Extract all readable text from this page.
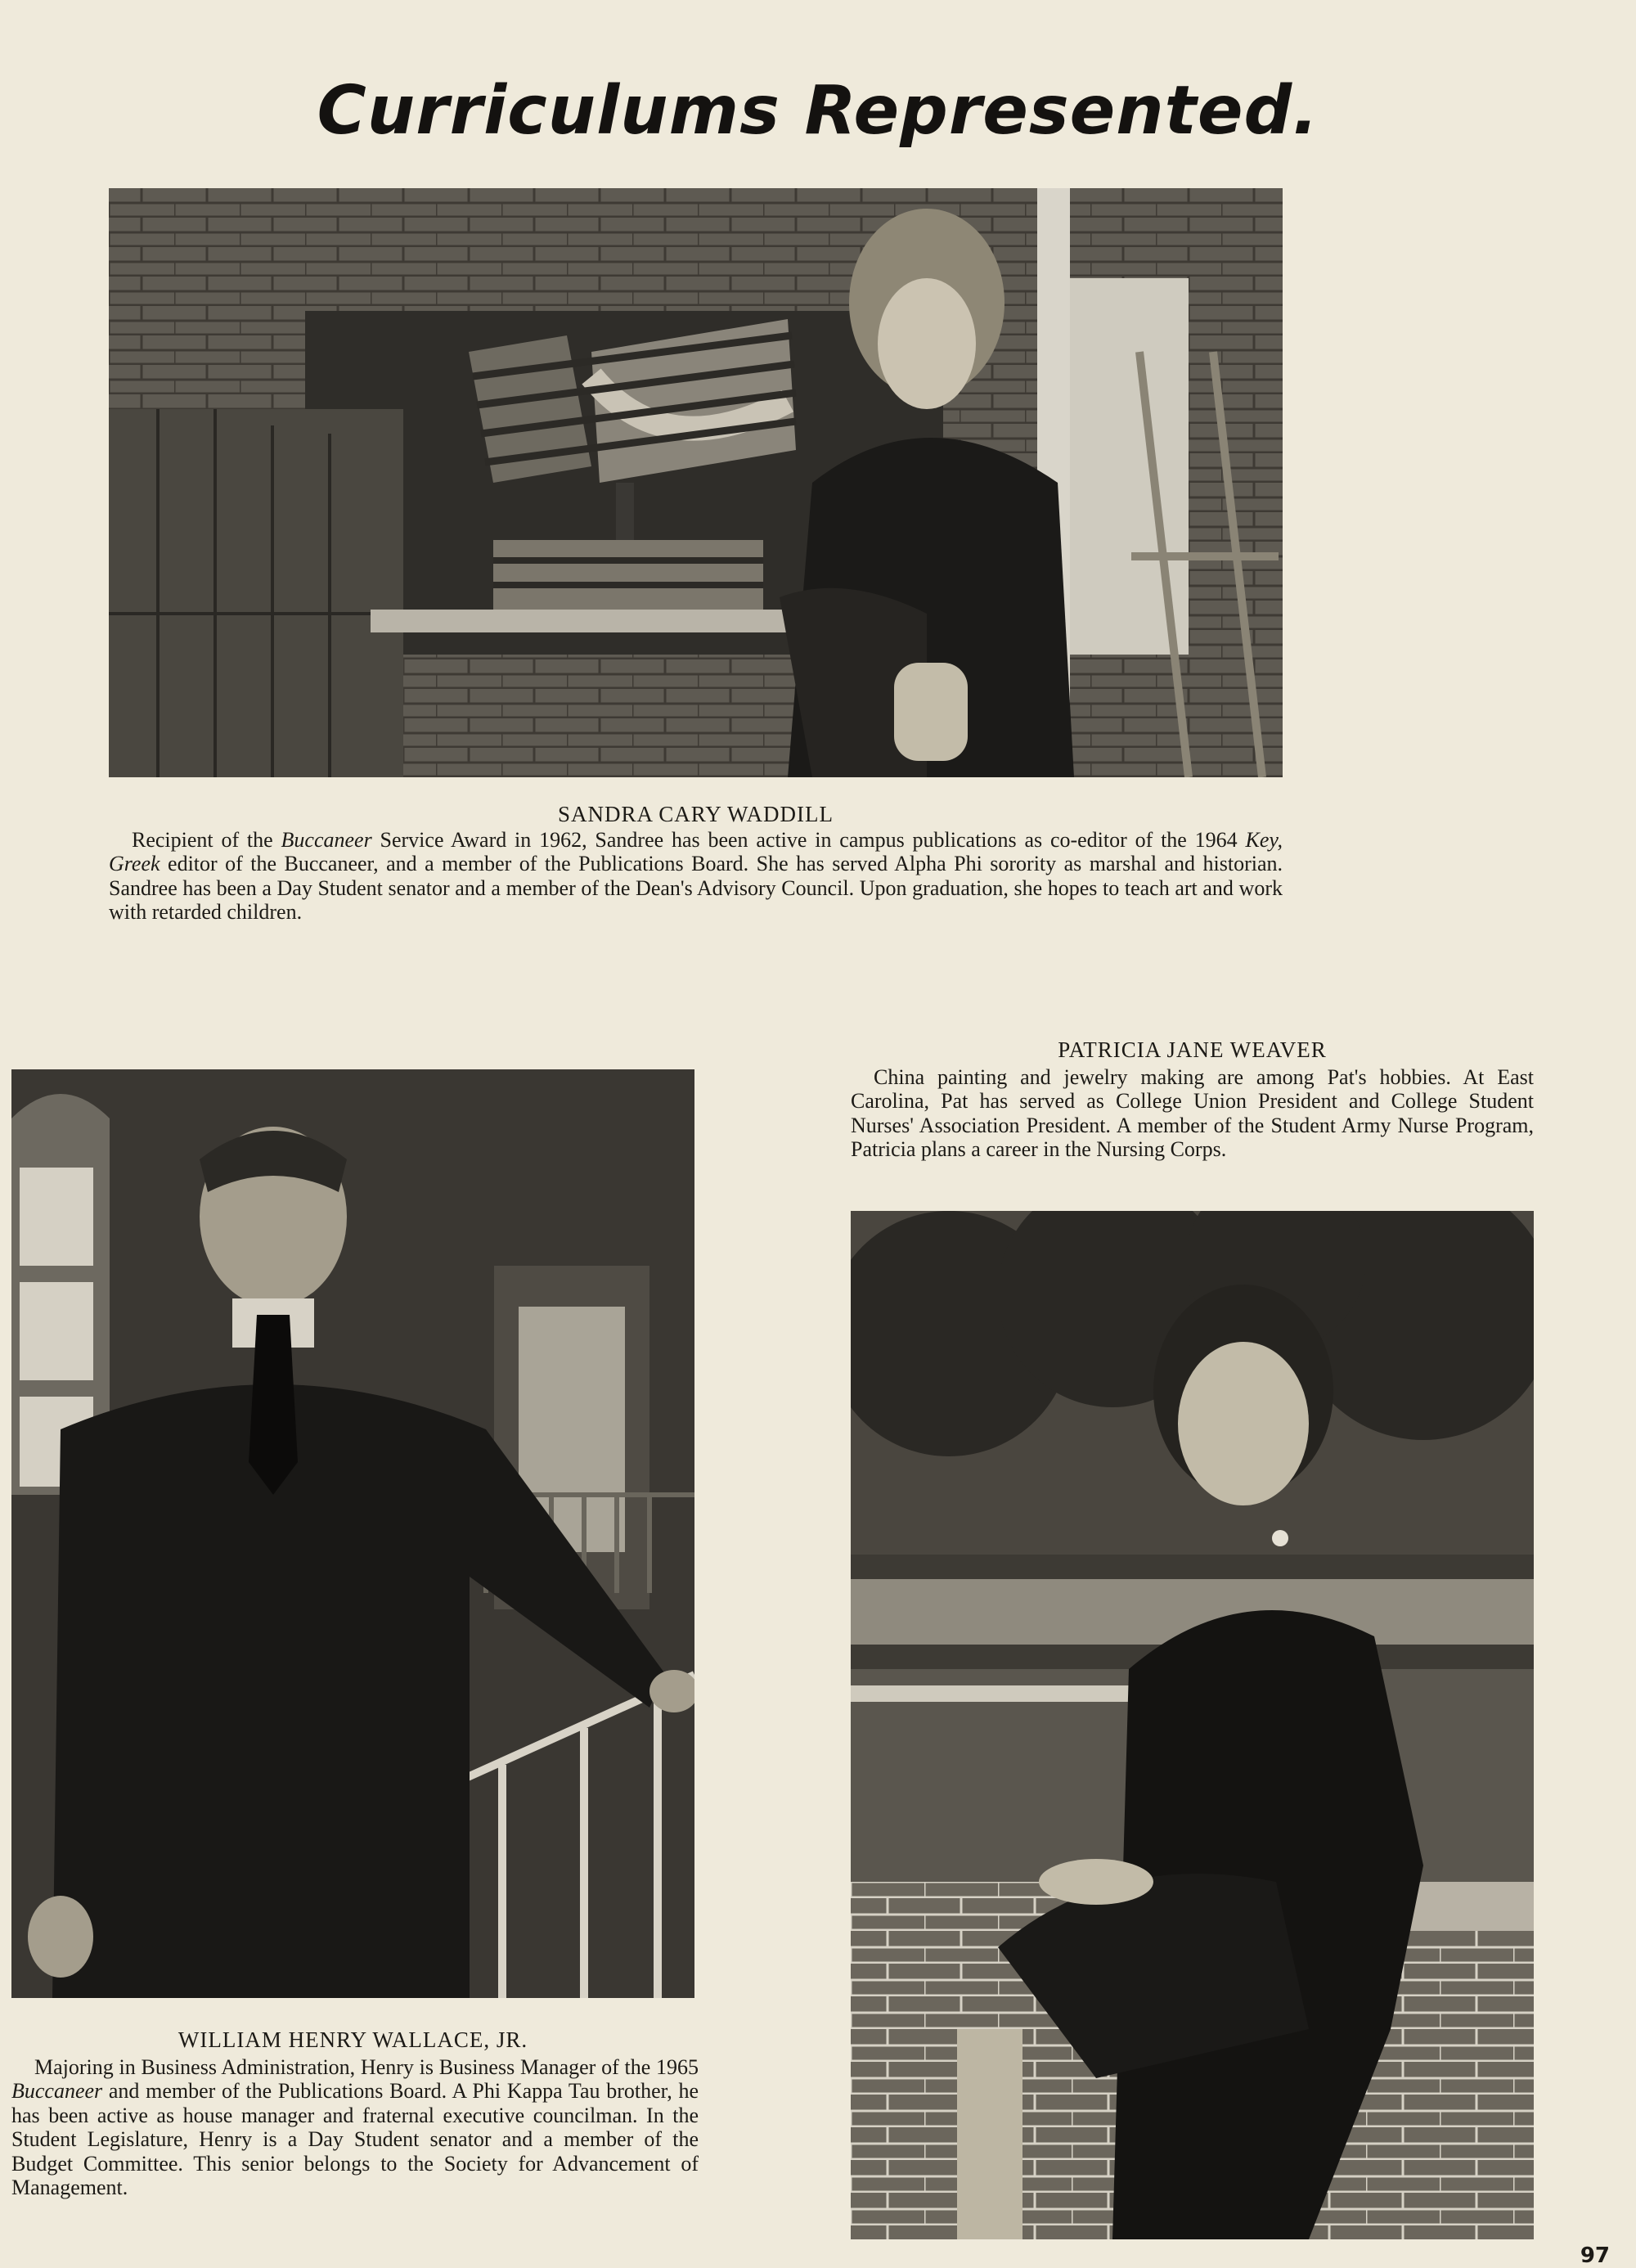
Curriculums Represented.
SANDRA CARY WADDILL

Recipient of the Buccaneer Service Award in 1962, Sandree has been active in campus publications as co-editor of the 1964 Key, Greek editor of the Buccaneer, and a member of the Publications Board. She has served Alpha Phi sorority as marshal and historian. Sandree has been a Day Student senator and a member of the Dean's Advisory Council. Upon graduation, she hopes to teach art and work with retarded children.

PATRICIA JANE WEAVER

China painting and jewelry making are among Pat's hobbies. At East Carolina, Pat has served as College Union President and College Student Nurses' Association President. A member of the Student Army Nurse Program, Patricia plans a career in the Nursing Corps.

WILLIAM HENRY WALLACE, JR.

Majoring in Business Administration, Henry is Business Manager of the 1965 Buccaneer and member of the Publications Board. A Phi Kappa Tau brother, he has been active as house manager and fraternal executive councilman. In the Student Legislature, Henry is a Day Student senator and a member of the Budget Committee. This senior belongs to the Society for Advancement of Management.

97
